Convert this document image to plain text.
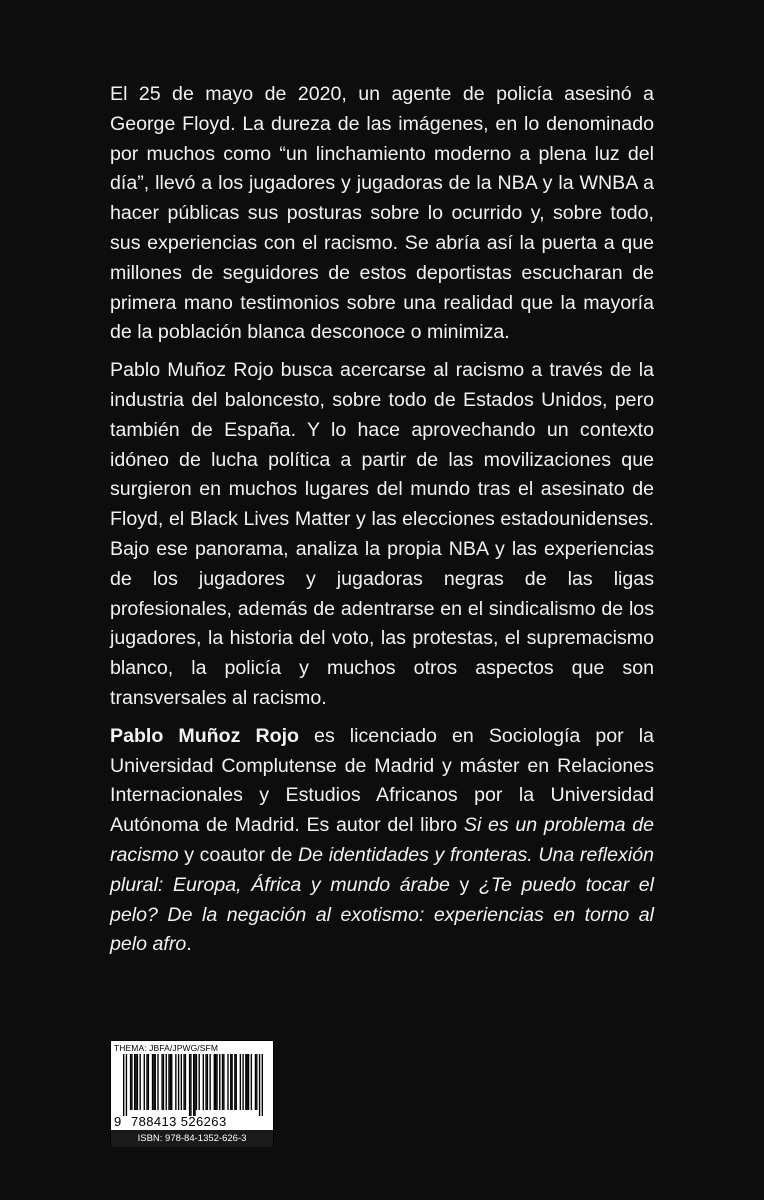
El 25 de mayo de 2020, un agente de policía asesinó a George Floyd. La dureza de las imágenes, en lo denominado por muchos como “un linchamiento moderno a plena luz del día”, llevó a los jugadores y jugadoras de la NBA y la WNBA a hacer públicas sus posturas sobre lo ocurrido y, sobre todo, sus experiencias con el racismo. Se abría así la puerta a que millones de seguidores de estos deportistas escucharan de primera mano testimonios sobre una realidad que la mayoría de la población blanca desconoce o minimiza.

Pablo Muñoz Rojo busca acercarse al racismo a través de la industria del baloncesto, sobre todo de Estados Unidos, pero también de España. Y lo hace aprovechando un contexto idóneo de lucha política a partir de las movilizaciones que surgieron en muchos lugares del mundo tras el asesinato de Floyd, el Black Lives Matter y las elecciones estadounidenses. Bajo ese panorama, analiza la propia NBA y las experiencias de los jugadores y jugadoras negras de las ligas profesionales, además de adentrarse en el sindicalismo de los jugadores, la historia del voto, las protestas, el supremacismo blanco, la policía y muchos otros aspectos que son transversales al racismo.

Pablo Muñoz Rojo es licenciado en Sociología por la Universidad Complutense de Madrid y máster en Relaciones Internacionales y Estudios Africanos por la Universidad Autónoma de Madrid. Es autor del libro Si es un problema de racismo y coautor de De identidades y fronteras. Una reflexión plural: Europa, África y mundo árabe y ¿Te puedo tocar el pelo? De la negación al exotismo: experiencias en torno al pelo afro.

THEMA: JBFA/JPWG/SFM
9 788413 526263
ISBN: 978-84-1352-626-3
